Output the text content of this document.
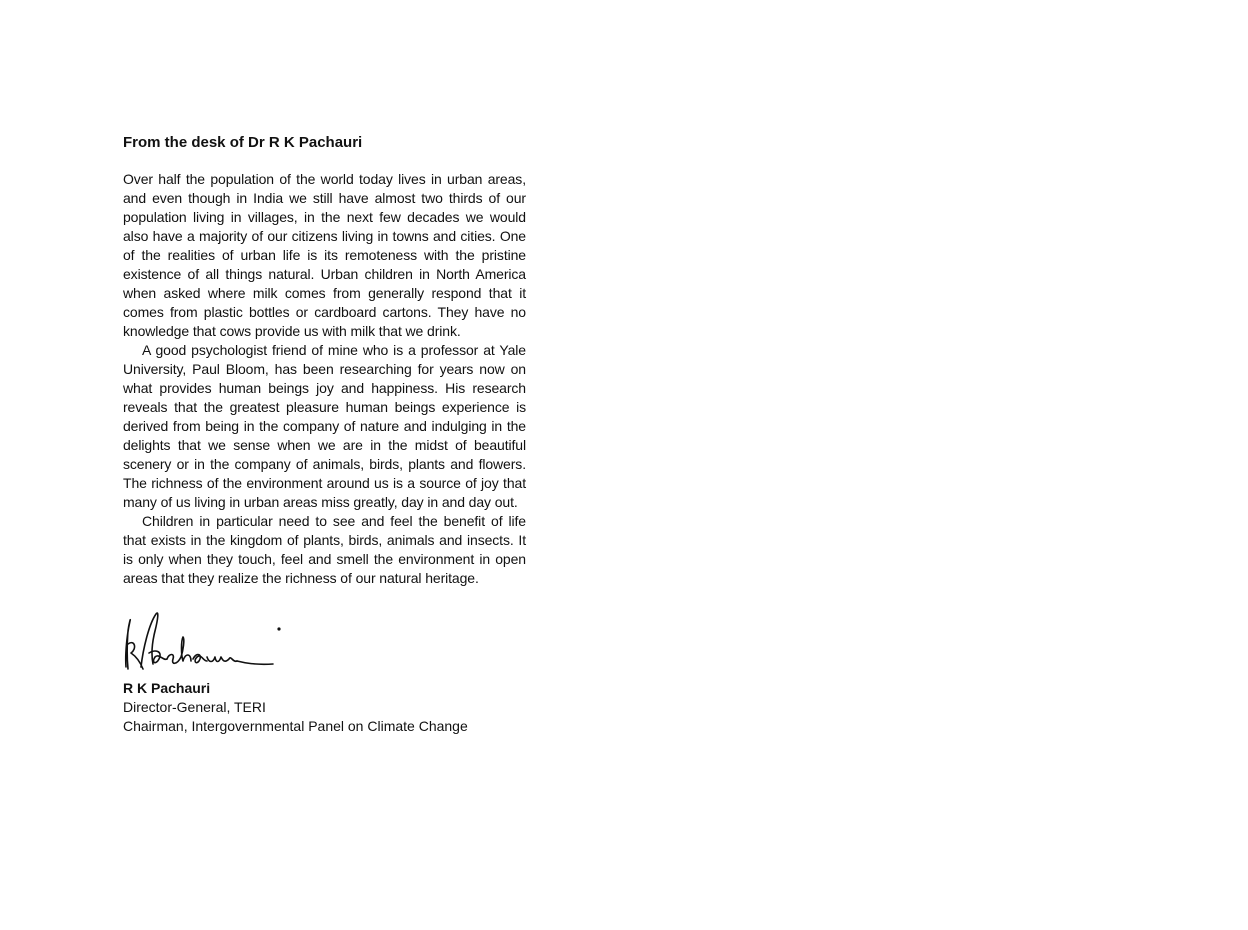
From the desk of Dr R K Pachauri

Over half the population of the world today lives in urban areas, and even though in India we still have almost two thirds of our population living in villages, in the next few decades we would also have a majority of our citizens living in towns and cities. One of the realities of urban life is its remoteness with the pristine existence of all things natural. Urban children in North America when asked where milk comes from generally respond that it comes from plastic bottles or cardboard cartons. They have no knowledge that cows provide us with milk that we drink.

A good psychologist friend of mine who is a professor at Yale University, Paul Bloom, has been researching for years now on what provides human beings joy and happiness. His research reveals that the greatest pleasure human beings experience is derived from being in the company of nature and indulging in the delights that we sense when we are in the midst of beautiful scenery or in the company of animals, birds, plants and flowers. The richness of the environment around us is a source of joy that many of us living in urban areas miss greatly, day in and day out.

Children in particular need to see and feel the benefit of life that exists in the kingdom of plants, birds, animals and insects. It is only when they touch, feel and smell the environment in open areas that they realize the richness of our natural heritage.

R K Pachauri
Director-General, TERI
Chairman, Intergovernmental Panel on Climate Change
